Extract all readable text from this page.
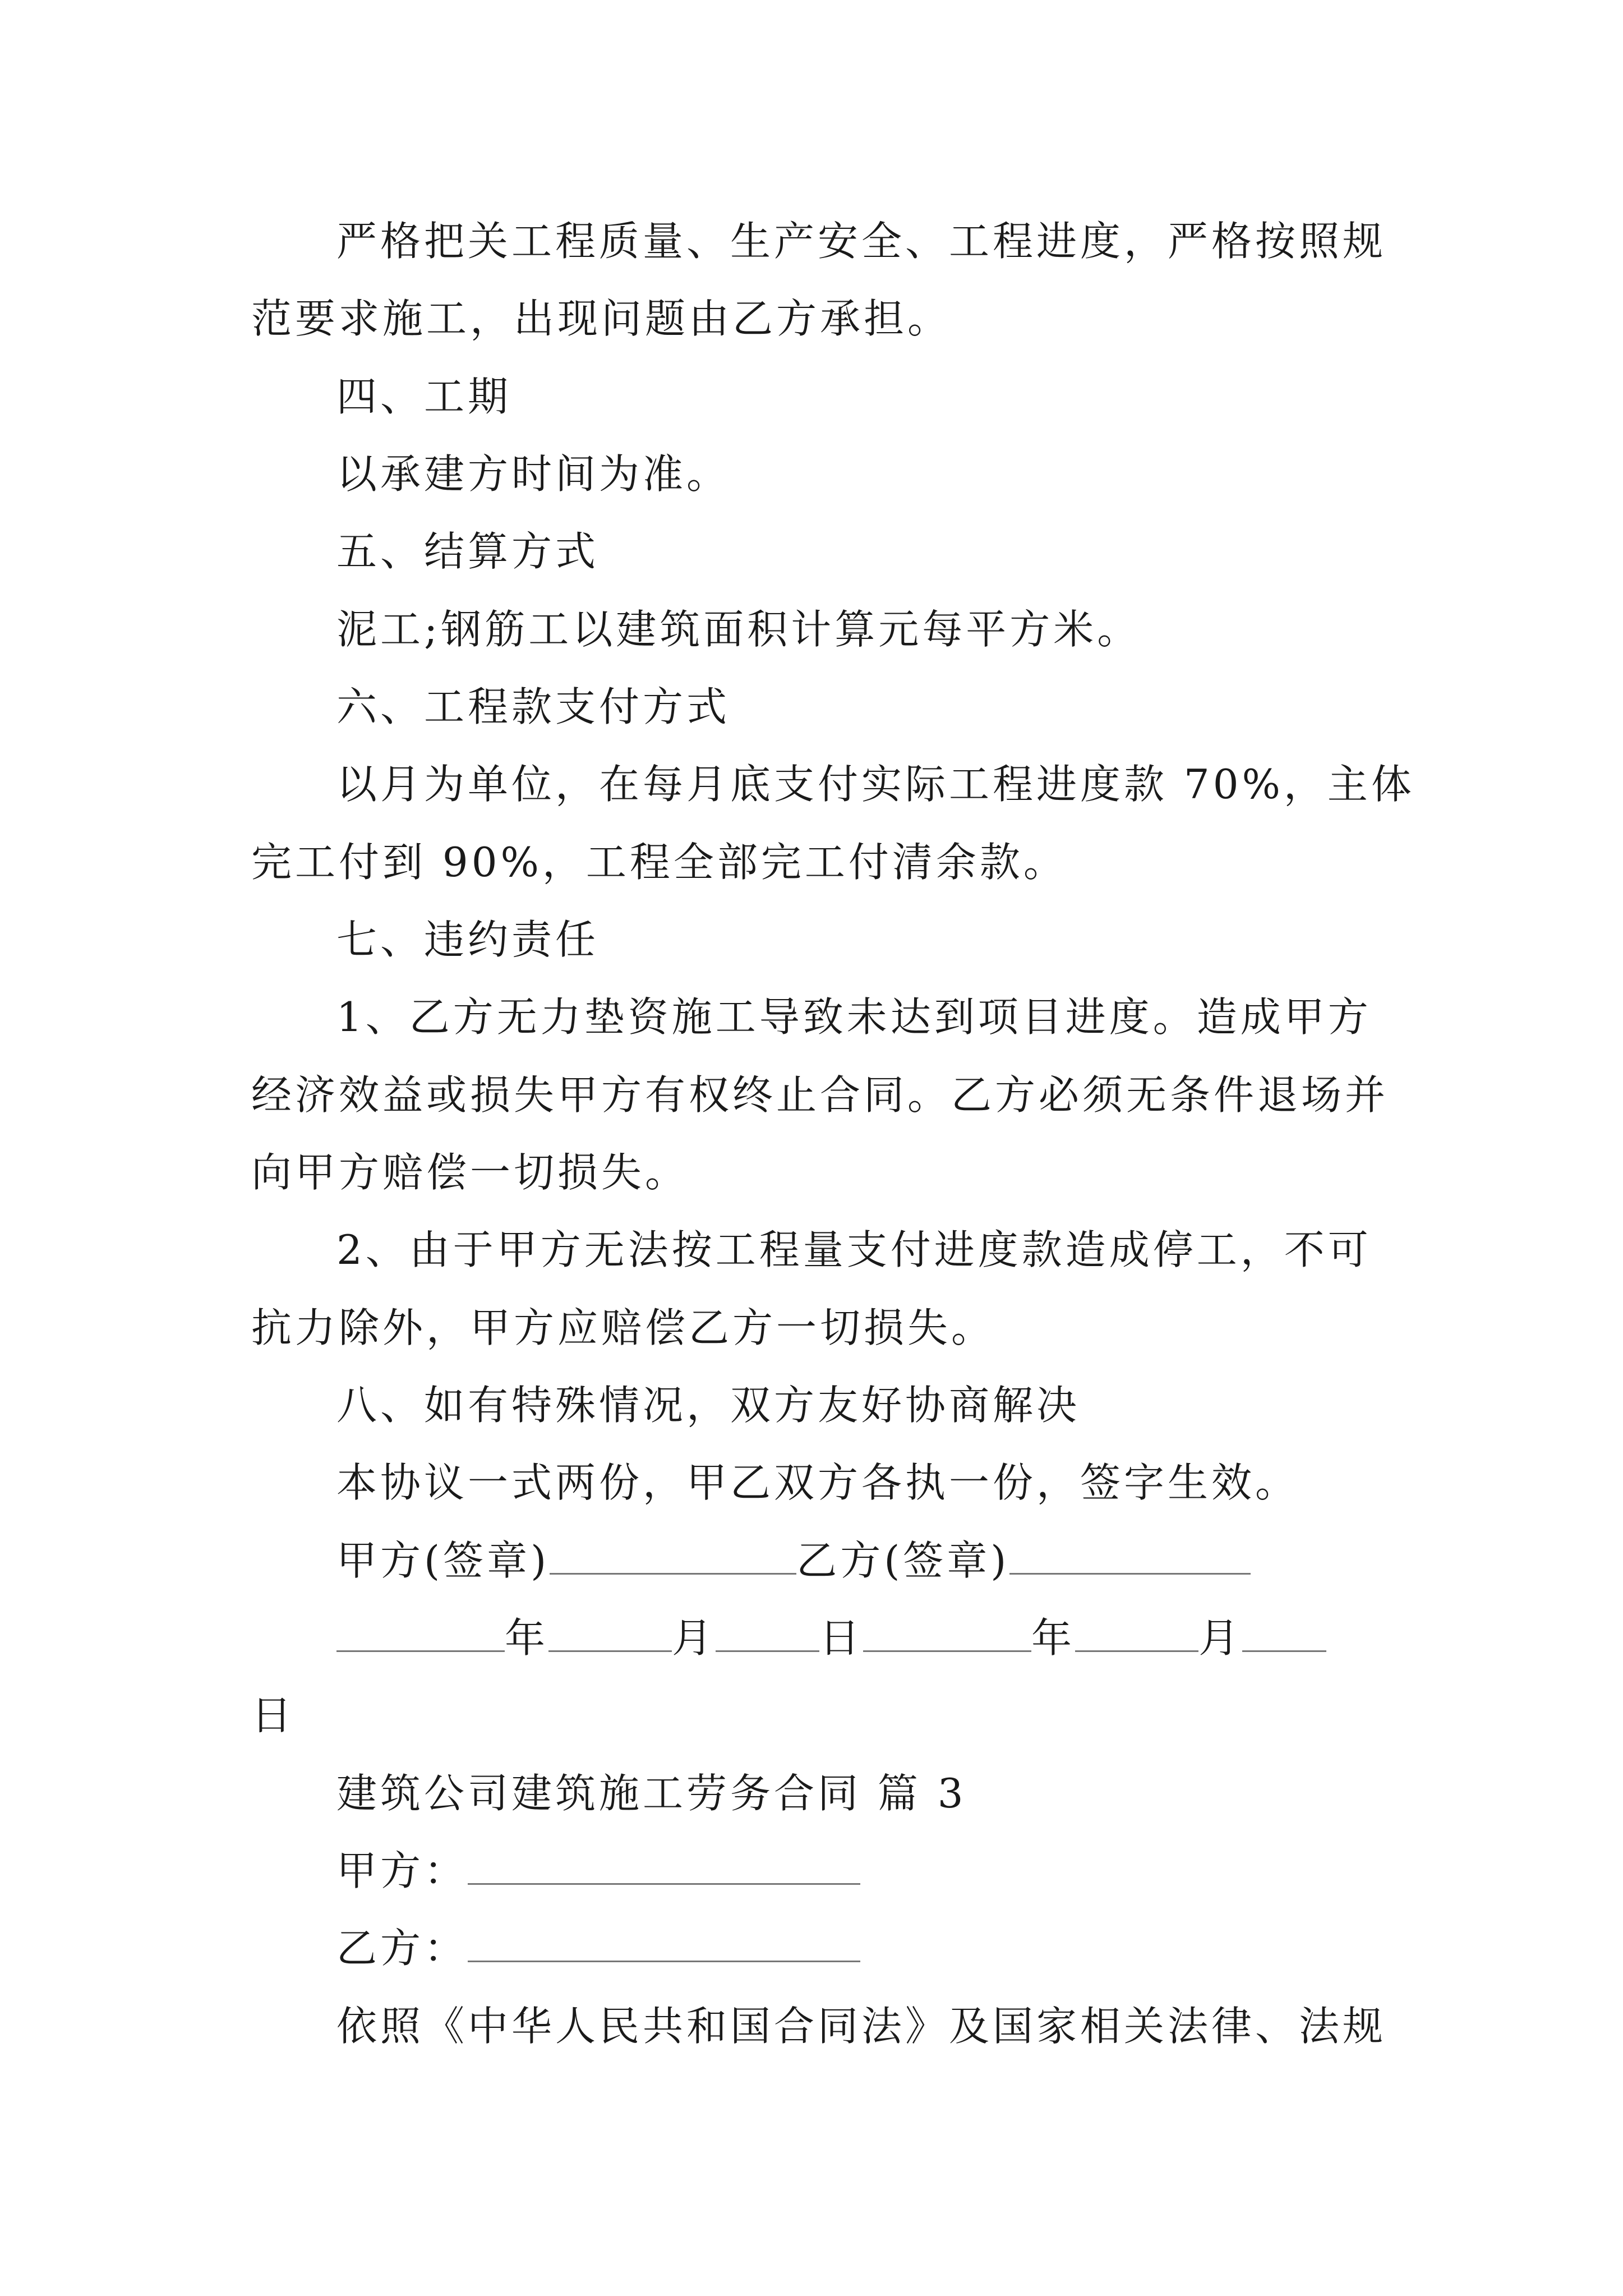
严格把关工程质量、生产安全、工程进度，严格按照规
范要求施工，出现问题由乙方承担。
四、工期
以承建方时间为准。
五、结算方式
泥工;钢筋工以建筑面积计算元每平方米。
六、工程款支付方式
以月为单位，在每月底支付实际工程进度款 70%，主体
完工付到 90%，工程全部完工付清余款。
七、违约责任
1、乙方无力垫资施工导致未达到项目进度。造成甲方
经济效益或损失甲方有权终止合同。乙方必须无条件退场并
向甲方赔偿一切损失。
2、由于甲方无法按工程量支付进度款造成停工，不可
抗力除外，甲方应赔偿乙方一切损失。
八、如有特殊情况，双方友好协商解决
本协议一式两份，甲乙双方各执一份，签字生效。
甲方(签章)	乙方(签章)
年	月	日	年	月
日
建筑公司建筑施工劳务合同 篇 3
甲方：
乙方：
依照《中华人民共和国合同法》及国家相关法律、法规
